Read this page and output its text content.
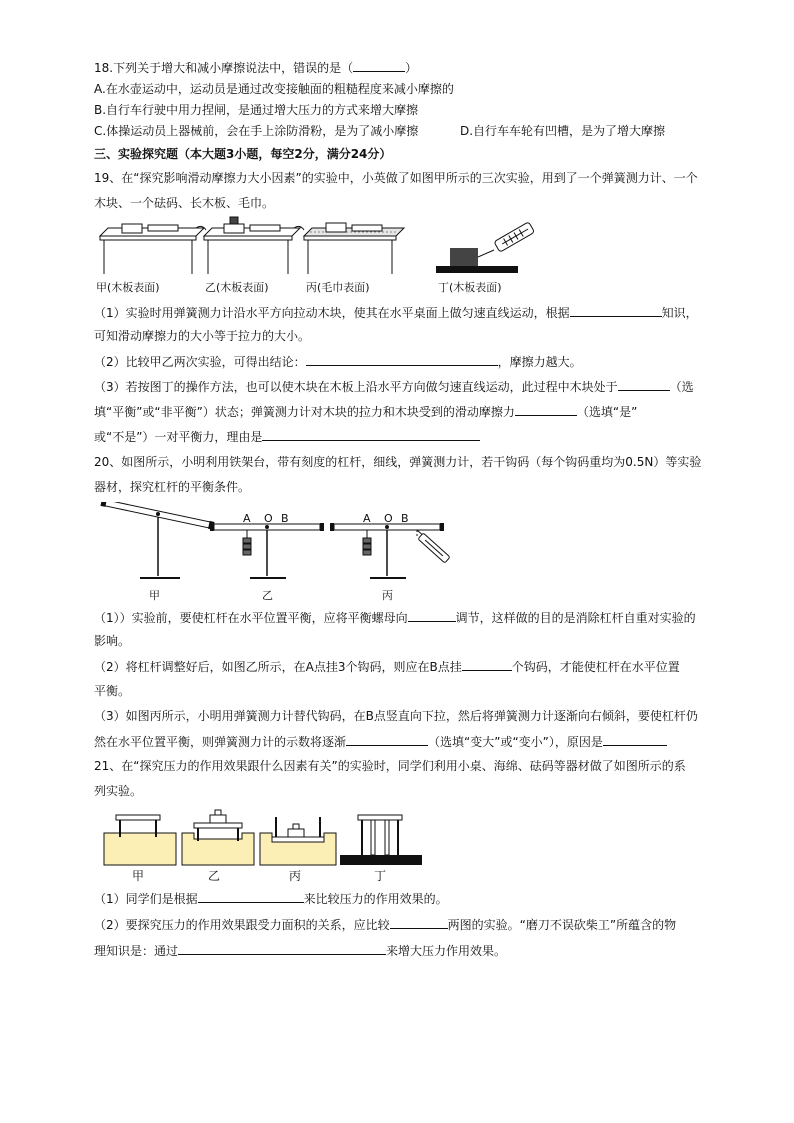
18.下列关于增大和减小摩擦说法中，错误的是（	）
A.在水壶运动中，运动员是通过改变接触面的粗糙程度来减小摩擦的
B.自行车行驶中用力捏闸，是通过增大压力的方式来增大摩擦
C.体操运动员上器械前，会在手上涂防滑粉，是为了减小摩擦	D.自行车车轮有凹槽，是为了增大摩擦
三、实验探究题（本大题3小题，每空2分，满分24分）
19、在“探究影响滑动摩擦力大小因素”的实验中，小英做了如图甲所示的三次实验，用到了一个弹簧测力计、一个
木块、一个砝码、长木板、毛巾。
甲(木板表面)	乙(木板表面)	丙(毛巾表面)	丁(木板表面)
（1）实验时用弹簧测力计沿水平方向拉动木块，使其在水平桌面上做匀速直线运动，根据	知识，
可知滑动摩擦力的大小等于拉力的大小。
（2）比较甲乙两次实验，可得出结论：	，摩擦力越大。
（3）若按图丁的操作方法，也可以使木块在木板上沿水平方向做匀速直线运动，此过程中木块处于	（选
填“平衡”或“非平衡”）状态；弹簧测力计对木块的拉力和木块受到的滑动摩擦力	（选填“是”
或“不是”）一对平衡力，理由是
20、如图所示，小明利用铁架台，带有刻度的杠杆，细线，弹簧测力计，若干钩码（每个钩码重均为0.5N）等实验
器材，探究杠杆的平衡条件。
A O B	A O B
甲	乙	丙
（1））实验前，要使杠杆在水平位置平衡，应将平衡螺母向	调节，这样做的目的是消除杠杆自重对实验的
影响。
（2）将杠杆调整好后，如图乙所示，在A点挂3个钩码，则应在B点挂	个钩码，才能使杠杆在水平位置
平衡。
（3）如图丙所示，小明用弹簧测力计替代钩码，在B点竖直向下拉，然后将弹簧测力计逐渐向右倾斜，要使杠杆仍
然在水平位置平衡，则弹簧测力计的示数将逐渐	（选填“变大”或“变小”），原因是
21、在“探究压力的作用效果跟什么因素有关”的实验时，同学们利用小桌、海绵、砝码等器材做了如图所示的系
列实验。
甲	乙	丙	丁
（1）同学们是根据	来比较压力的作用效果的。
（2）要探究压力的作用效果跟受力面积的关系，应比较	两图的实验。“磨刀不误砍柴工”所蕴含的物
理知识是：通过	来增大压力作用效果。
